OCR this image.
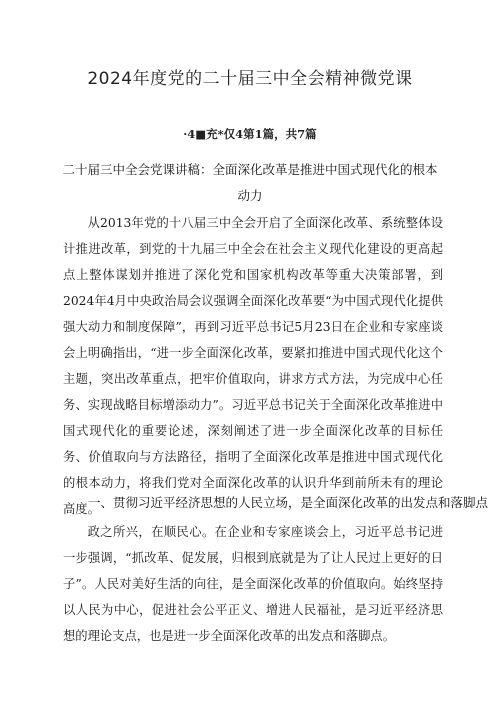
2024年度党的二十届三中全会精神微党课
·4■充*仅4第1篇，共7篇
二十届三中全会党课讲稿：全面深化改革是推进中国式现代化的根本动力
从2013年党的十八届三中全会开启了全面深化改革、系统整体设计推进改革，到党的十九届三中全会在社会主义现代化建设的更高起点上整体谋划并推进了深化党和国家机构改革等重大决策部署，到2024年4月中央政治局会议强调全面深化改革要“为中国式现代化提供强大动力和制度保障”，再到习近平总书记5月23日在企业和专家座谈会上明确指出，“进一步全面深化改革，要紧扣推进中国式现代化这个主题，突出改革重点，把牢价值取向，讲求方式方法，为完成中心任务、实现战略目标增添动力”。习近平总书记关于全面深化改革推进中国式现代化的重要论述，深刻阐述了进一步全面深化改革的目标任务、价值取向与方法路径，指明了全面深化改革是推进中国式现代化的根本动力，将我们党对全面深化改革的认识升华到前所未有的理论高度。
一、贯彻习近平经济思想的人民立场，是全面深化改革的出发点和落脚点
政之所兴，在顺民心。在企业和专家座谈会上，习近平总书记进一步强调，“抓改革、促发展，归根到底就是为了让人民过上更好的日子”。人民对美好生活的向往，是全面深化改革的价值取向。始终坚持以人民为中心，促进社会公平正义、增进人民福祉，是习近平经济思想的理论支点，也是进一步全面深化改革的出发点和落脚点。
